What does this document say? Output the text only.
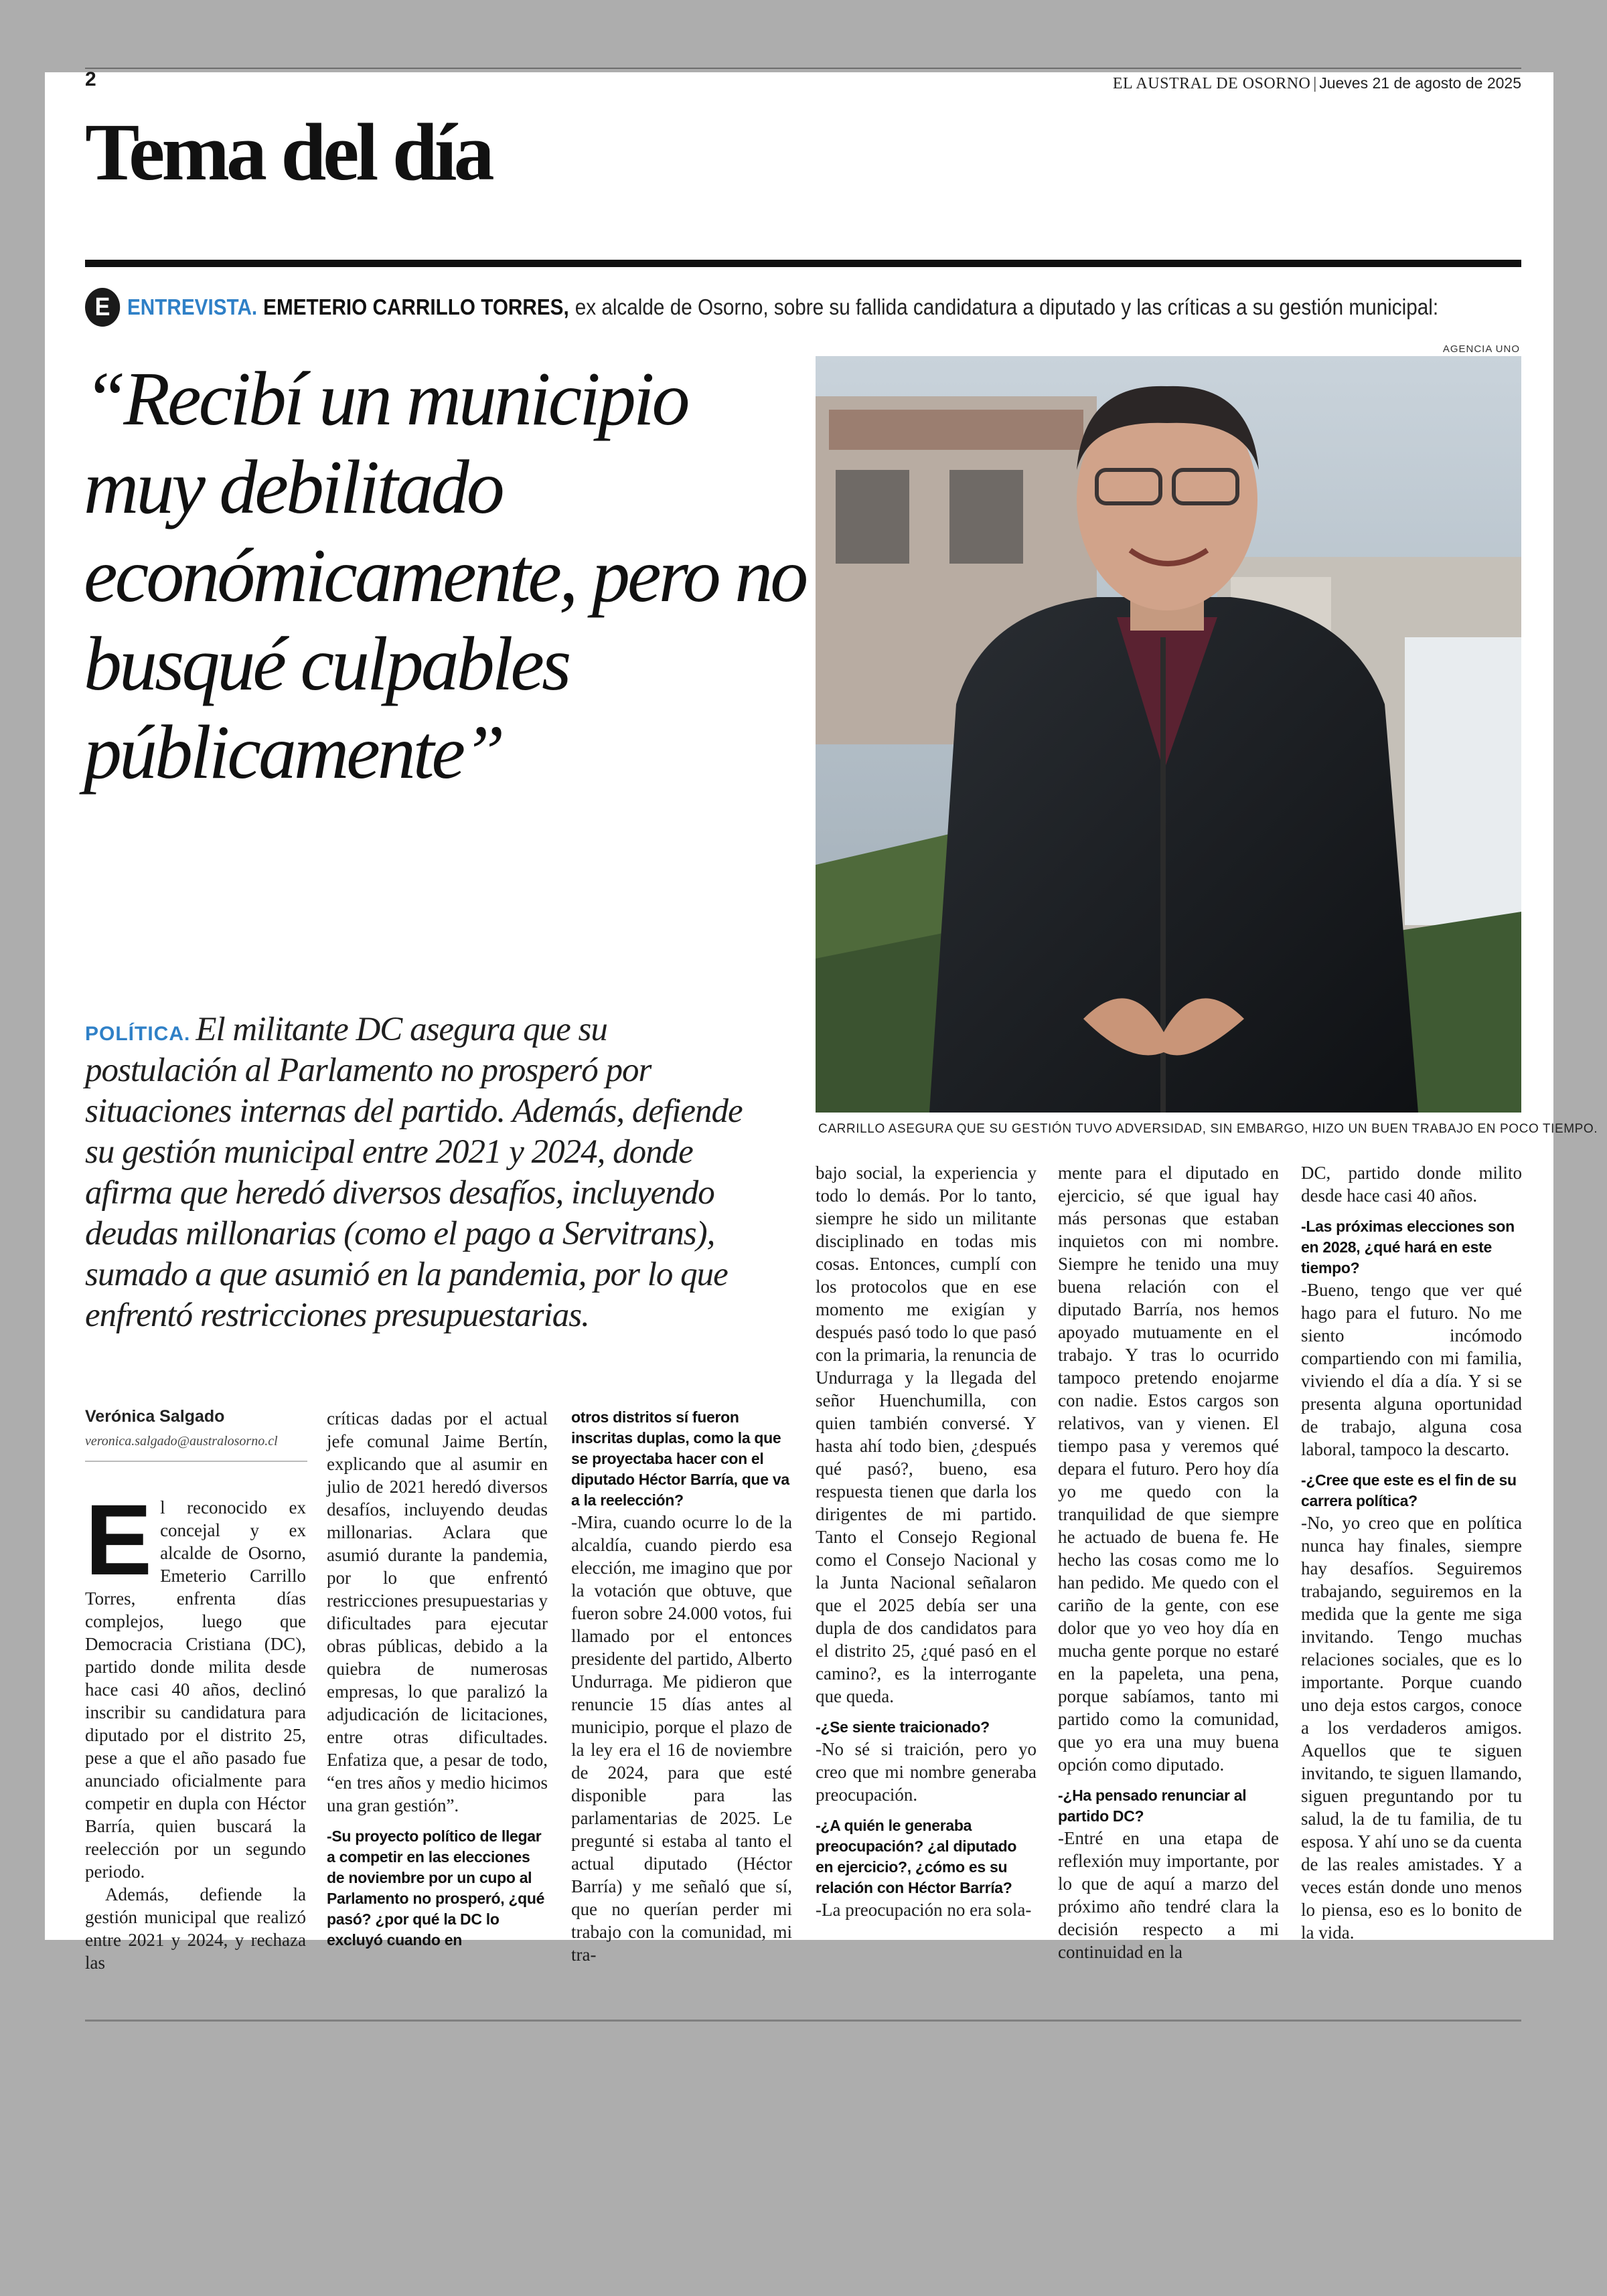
2	EL AUSTRAL DE OSORNO | Jueves 21 de agosto de 2025
Tema del día
E ENTREVISTA. EMETERIO CARRILLO TORRES, ex alcalde de Osorno, sobre su fallida candidatura a diputado y las críticas a su gestión municipal:
“Recibí un municipio muy debilitado económicamente, pero no busqué culpables públicamente”
POLÍTICA. El militante DC asegura que su postulación al Parlamento no prosperó por situaciones internas del partido. Además, defiende su gestión municipal entre 2021 y 2024, donde afirma que heredó diversos desafíos, incluyendo deudas millonarias (como el pago a Servitrans), sumado a que asumió en la pandemia, por lo que enfrentó restricciones presupuestarias.
AGENCIA UNO
CARRILLO ASEGURA QUE SU GESTIÓN TUVO ADVERSIDAD, SIN EMBARGO, HIZO UN BUEN TRABAJO EN POCO TIEMPO.
Verónica Salgado
veronica.salgado@australosorno.cl

El reconocido ex concejal y ex alcalde de Osorno, Emeterio Carrillo Torres, enfrenta días complejos, luego que Democracia Cristiana (DC), partido donde milita desde hace casi 40 años, declinó inscribir su candidatura para diputado por el distrito 25, pese a que el año pasado fue anunciado oficialmente para competir en dupla con Héctor Barría, quien buscará la reelección por un segundo periodo.

Además, defiende la gestión municipal que realizó entre 2021 y 2024, y rechaza las

críticas dadas por el actual jefe comunal Jaime Bertín, explicando que al asumir en julio de 2021 heredó diversos desafíos, incluyendo deudas millonarias. Aclara que asumió durante la pandemia, por lo que enfrentó restricciones presupuestarias y dificultades para ejecutar obras públicas, debido a la quiebra de numerosas empresas, lo que paralizó la adjudicación de licitaciones, entre otras dificultades. Enfatiza que, a pesar de todo, “en tres años y medio hicimos una gran gestión”.

-Su proyecto político de llegar a competir en las elecciones de noviembre por un cupo al Parlamento no prosperó, ¿qué pasó? ¿por qué la DC lo excluyó cuando en

otros distritos sí fueron inscritas duplas, como la que se proyectaba hacer con el diputado Héctor Barría, que va a la reelección?

-Mira, cuando ocurre lo de la alcaldía, cuando pierdo esa elección, me imagino que por la votación que obtuve, que fueron sobre 24.000 votos, fui llamado por el entonces presidente del partido, Alberto Undurraga. Me pidieron que renuncie 15 días antes al municipio, porque el plazo de la ley era el 16 de noviembre de 2024, para que esté disponible para las parlamentarias de 2025. Le pregunté si estaba al tanto el actual diputado (Héctor Barría) y me señaló que sí, que no querían perder mi trabajo con la comunidad, mi tra-

bajo social, la experiencia y todo lo demás. Por lo tanto, siempre he sido un militante disciplinado en todas mis cosas. Entonces, cumplí con los protocolos que en ese momento me exigían y después pasó todo lo que pasó con la primaria, la renuncia de Undurraga y la llegada del señor Huenchumilla, con quien también conversé. Y hasta ahí todo bien, ¿después qué pasó?, bueno, esa respuesta tienen que darla los dirigentes de mi partido. Tanto el Consejo Regional como el Consejo Nacional y la Junta Nacional señalaron que el 2025 debía ser una dupla de dos candidatos para el distrito 25, ¿qué pasó en el camino?, es la interrogante que queda.

-¿Se siente traicionado?

-No sé si traición, pero yo creo que mi nombre generaba preocupación.

-¿A quién le generaba preocupación? ¿al diputado en ejercicio?, ¿cómo es su relación con Héctor Barría?

-La preocupación no era sola-

mente para el diputado en ejercicio, sé que igual hay más personas que estaban inquietos con mi nombre. Siempre he tenido una muy buena relación con el diputado Barría, nos hemos apoyado mutuamente en el trabajo. Y tras lo ocurrido tampoco pretendo enojarme con nadie. Estos cargos son relativos, van y vienen. El tiempo pasa y veremos qué depara el futuro. Pero hoy día yo me quedo con la tranquilidad de que siempre he actuado de buena fe. He hecho las cosas como me lo han pedido. Me quedo con el cariño de la gente, con ese dolor que yo veo hoy día en mucha gente porque no estaré en la papeleta, una pena, porque sabíamos, tanto mi partido como la comunidad, que yo era una muy buena opción como diputado.

-¿Ha pensado renunciar al partido DC?

-Entré en una etapa de reflexión muy importante, por lo que de aquí a marzo del próximo año tendré clara la decisión respecto a mi continuidad en la

DC, partido donde milito desde hace casi 40 años.

-Las próximas elecciones son en 2028, ¿qué hará en este tiempo?

-Bueno, tengo que ver qué hago para el futuro. No me siento incómodo compartiendo con mi familia, viviendo el día a día. Y si se presenta alguna oportunidad de trabajo, alguna cosa laboral, tampoco la descarto.

-¿Cree que este es el fin de su carrera política?

-No, yo creo que en política nunca hay finales, siempre hay desafíos. Seguiremos trabajando, seguiremos en la medida que la gente me siga invitando. Tengo muchas relaciones sociales, que es lo importante. Porque cuando uno deja estos cargos, conoce a los verdaderos amigos. Aquellos que te siguen invitando, te siguen llamando, siguen preguntando por tu salud, la de tu familia, de tu esposa. Y ahí uno se da cuenta de las reales amistades. Y a veces están donde uno menos lo piensa, eso es lo bonito de la vida.
